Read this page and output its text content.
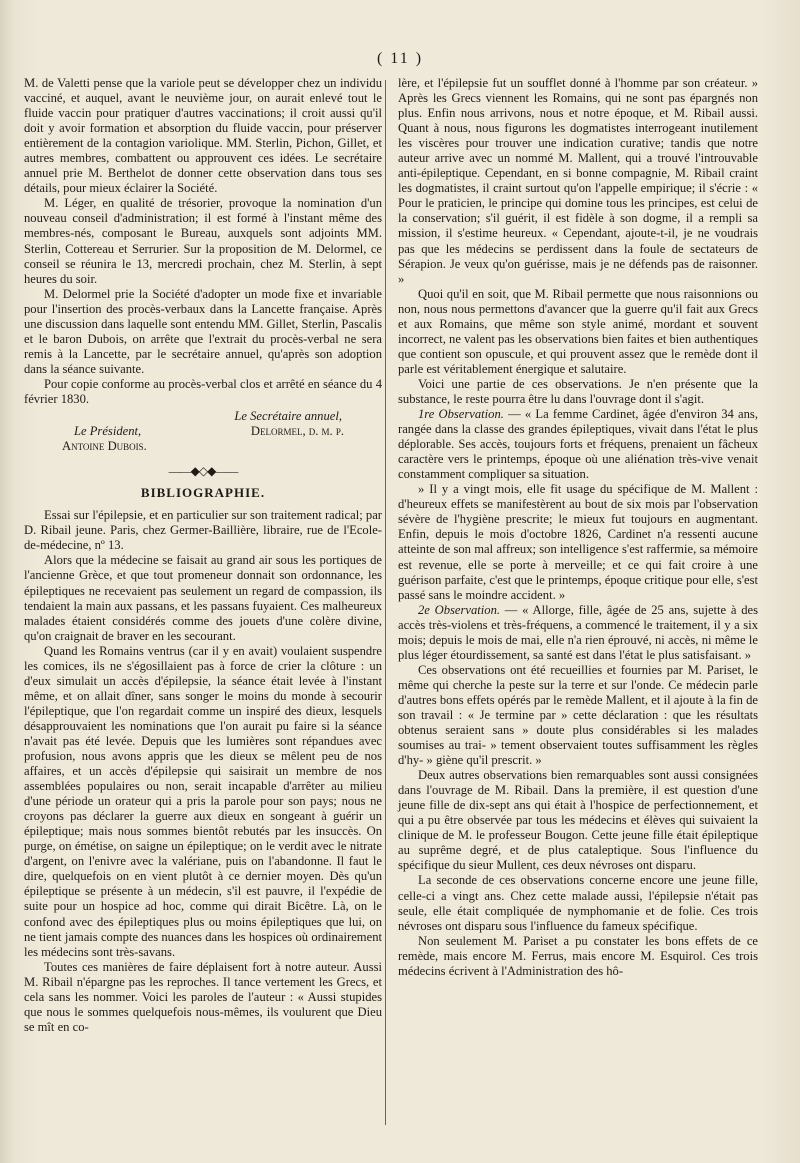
( 11 )

M. de Valetti pense que la variole peut se développer chez un individu vacciné, et auquel, avant le neuvième jour, on aurait enlevé tout le fluide vaccin pour pratiquer d'autres vaccinations; il croit aussi qu'il doit y avoir formation et absorption du fluide vaccin, pour préserver entièrement de la contagion variolique. MM. Sterlin, Pichon, Gillet, et autres membres, combattent ou approuvent ces idées. Le secrétaire annuel prie M. Berthelot de donner cette observation dans tous ses détails, pour mieux éclairer la Société.

M. Léger, en qualité de trésorier, provoque la nomination d'un nouveau conseil d'administration; il est formé à l'instant même des membres-nés, composant le Bureau, auxquels sont adjoints MM. Sterlin, Cottereau et Serrurier. Sur la proposition de M. Delormel, ce conseil se réunira le 13, mercredi prochain, chez M. Sterlin, à sept heures du soir.

M. Delormel prie la Société d'adopter un mode fixe et invariable pour l'insertion des procès-verbaux dans la Lancette française. Après une discussion dans laquelle sont entendu MM. Gillet, Sterlin, Pascalis et le baron Dubois, on arrête que l'extrait du procès-verbal ne sera remis à la Lancette, par le secrétaire annuel, qu'après son adoption dans la séance suivante.

Pour copie conforme au procès-verbal clos et arrêté en séance du 4 février 1830.

Le Secrétaire annuel,
Le Président,	Delormel, d. m. p.
Antoine Dubois.
——◆◇◆——
BIBLIOGRAPHIE.

Essai sur l'épilepsie, et en particulier sur son traitement radical; par D. Ribail jeune. Paris, chez Germer-Baillière, libraire, rue de l'Ecole-de-médecine, nº 13.

Alors que la médecine se faisait au grand air sous les portiques de l'ancienne Grèce, et que tout promeneur donnait son ordonnance, les épileptiques ne recevaient pas seulement un regard de compassion, ils tendaient la main aux passans, et les passans fuyaient. Ces malheureux malades étaient considérés comme des jouets d'une colère divine, qu'on craignait de braver en les secourant.

Quand les Romains ventrus (car il y en avait) voulaient suspendre les comices, ils ne s'égosillaient pas à force de crier la clôture : un d'eux simulait un accès d'épilepsie, la séance était levée à l'instant même, et on allait dîner, sans songer le moins du monde à secourir l'épileptique, que l'on regardait comme un inspiré des dieux, lesquels désapprouvaient les nominations que l'on aurait pu faire si la séance n'avait pas été levée. Depuis que les lumières sont répandues avec profusion, nous avons appris que les dieux se mêlent peu de nos affaires, et un accès d'épilepsie qui saisirait un membre de nos assemblées populaires ou non, serait incapable d'arrêter au milieu d'une période un orateur qui a pris la parole pour son pays; nous ne croyons pas déclarer la guerre aux dieux en songeant à guérir un épileptique; mais nous sommes bientôt rebutés par les insuccès. On purge, on émétise, on saigne un épileptique; on le verdit avec le nitrate d'argent, on l'enivre avec la valériane, puis on l'abandonne. Il faut le dire, quelquefois on en vient plutôt à ce dernier moyen. Dès qu'un épileptique se présente à un médecin, s'il est pauvre, il l'expédie de suite pour un hospice ad hoc, comme qui dirait Bicêtre. Là, on le confond avec des épileptiques plus ou moins épileptiques que lui, on ne tient jamais compte des nuances dans les hospices où ordinairement les médecins sont très-savans.

Toutes ces manières de faire déplaisent fort à notre auteur. Aussi M. Ribail n'épargne pas les reproches. Il tance vertement les Grecs, et cela sans les nommer. Voici les paroles de l'auteur : « Aussi stupides que nous le sommes quelquefois nous-mêmes, ils voulurent que Dieu se mît en co-

lère, et l'épilepsie fut un soufflet donné à l'homme par son créateur. » Après les Grecs viennent les Romains, qui ne sont pas épargnés non plus. Enfin nous arrivons, nous et notre époque, et M. Ribail aussi. Quant à nous, nous figurons les dogmatistes interrogeant inutilement les viscères pour trouver une indication curative; tandis que notre auteur arrive avec un nommé M. Mallent, qui a trouvé l'introuvable anti-épileptique. Cependant, en si bonne compagnie, M. Ribail craint les dogmatistes, il craint surtout qu'on l'appelle empirique; il s'écrie : « Pour le praticien, le principe qui domine tous les principes, est celui de la conservation; s'il guérit, il est fidèle à son dogme, il a rempli sa mission, il s'estime heureux. « Cependant, ajoute-t-il, je ne voudrais pas que les médecins se perdissent dans la foule de sectateurs de Sérapion. Je veux qu'on guérisse, mais je ne défends pas de raisonner. »

Quoi qu'il en soit, que M. Ribail permette que nous raisonnions ou non, nous nous permettons d'avancer que la guerre qu'il fait aux Grecs et aux Romains, que même son style animé, mordant et souvent incorrect, ne valent pas les observations bien faites et bien authentiques que contient son opuscule, et qui prouvent assez que le remède dont il parle est véritablement énergique et salutaire.

Voici une partie de ces observations. Je n'en présente que la substance, le reste pourra être lu dans l'ouvrage dont il s'agit.

1re Observation. — « La femme Cardinet, âgée d'environ 34 ans, rangée dans la classe des grandes épileptiques, vivait dans l'état le plus déplorable. Ses accès, toujours forts et fréquens, prenaient un fâcheux caractère vers le printemps, époque où une aliénation très-vive venait constamment compliquer sa situation.

» Il y a vingt mois, elle fit usage du spécifique de M. Mallent : d'heureux effets se manifestèrent au bout de six mois par l'observation sévère de l'hygiène prescrite; le mieux fut toujours en augmentant. Enfin, depuis le mois d'octobre 1826, Cardinet n'a ressenti aucune atteinte de son mal affreux; son intelligence s'est raffermie, sa mémoire est revenue, elle se porte à merveille; et ce qui fait croire à une guérison parfaite, c'est que le printemps, époque critique pour elle, s'est passé sans le moindre accident. »

2e Observation. — « Allorge, fille, âgée de 25 ans, sujette à des accès très-violens et très-fréquens, a commencé le traitement, il y a six mois; depuis le mois de mai, elle n'a rien éprouvé, ni accès, ni même le plus léger étourdissement, sa santé est dans l'état le plus satisfaisant. »

Ces observations ont été recueillies et fournies par M. Pariset, le même qui cherche la peste sur la terre et sur l'onde. Ce médecin parle d'autres bons effets opérés par le remède Mallent, et il ajoute à la fin de son travail : « Je termine par » cette déclaration : que les résultats obtenus seraient sans » doute plus considérables si les malades soumises au trai- » tement observaient toutes suffisamment les règles d'hy- » giène qu'il prescrit. »

Deux autres observations bien remarquables sont aussi consignées dans l'ouvrage de M. Ribail. Dans la première, il est question d'une jeune fille de dix-sept ans qui était à l'hospice de perfectionnement, et qui a pu être observée par tous les médecins et élèves qui suivaient la clinique de M. le professeur Bougon. Cette jeune fille était épileptique au suprême degré, et de plus cataleptique. Sous l'influence du spécifique du sieur Mullent, ces deux névroses ont disparu.

La seconde de ces observations concerne encore une jeune fille, celle-ci a vingt ans. Chez cette malade aussi, l'épilepsie n'était pas seule, elle était compliquée de nymphomanie et de folie. Ces trois névroses ont disparu sous l'influence du fameux spécifique.

Non seulement M. Pariset a pu constater les bons effets de ce remède, mais encore M. Ferrus, mais encore M. Esquirol. Ces trois médecins écrivent à l'Administration des hô-
